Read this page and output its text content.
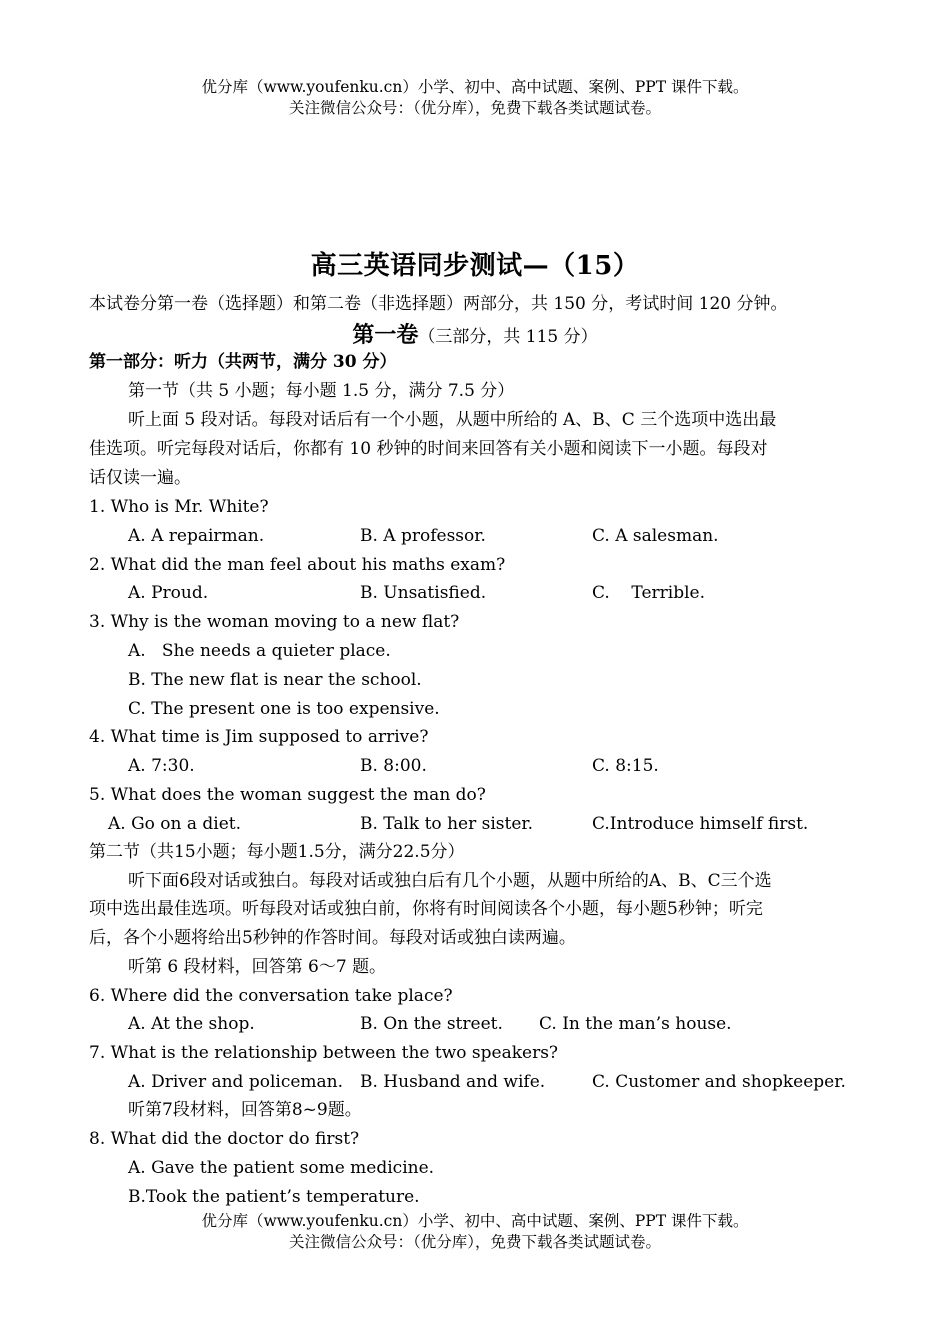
优分库（www.youfenku.cn）小学、初中、高中试题、案例、PPT 课件下载。
关注微信公众号：（优分库），免费下载各类试题试卷。
高三英语同步测试—（15）
本试卷分第一卷（选择题）和第二卷（非选择题）两部分，共 150 分，考试时间 120 分钟。
第一卷（三部分，共 115 分）
第一部分：听力（共两节，满分 30 分）
第一节（共 5 小题；每小题 1.5 分，满分 7.5 分）
听上面 5 段对话。每段对话后有一个小题，从题中所给的 A、B、C 三个选项中选出最
佳选项。听完每段对话后，你都有 10 秒钟的时间来回答有关小题和阅读下一小题。每段对
话仅读一遍。
1. Who is Mr. White?
A. A repairman.	B. A professor.	C. A salesman.
2. What did the man feel about his maths exam?
A. Proud.	B. Unsatisfied.	C.    Terrible.
3. Why is the woman moving to a new flat?
A.   She needs a quieter place.
B. The new flat is near the school.
C. The present one is too expensive.
4. What time is Jim supposed to arrive?
A. 7:30.	B. 8:00.	C. 8:15.
5. What does the woman suggest the man do?
A. Go on a diet.	B. Talk to her sister.	C.Introduce himself first.
第二节（共15小题；每小题1.5分，满分22.5分）
听下面6段对话或独白。每段对话或独白后有几个小题，从题中所给的A、B、C三个选
项中选出最佳选项。听每段对话或独白前，你将有时间阅读各个小题，每小题5秒钟；听完
后，各个小题将给出5秒钟的作答时间。每段对话或独白读两遍。
听第 6 段材料，回答第 6～7 题。
6. Where did the conversation take place?
A. At the shop.	B. On the street. C. In the man’s house.
7. What is the relationship between the two speakers?
A. Driver and policeman. B. Husband and wife.	C. Customer and shopkeeper.
听第7段材料，回答第8~9题。
8. What did the doctor do first?
A. Gave the patient some medicine.
B.Took the patient’s temperature.
优分库（www.youfenku.cn）小学、初中、高中试题、案例、PPT 课件下载。
关注微信公众号：（优分库），免费下载各类试题试卷。
